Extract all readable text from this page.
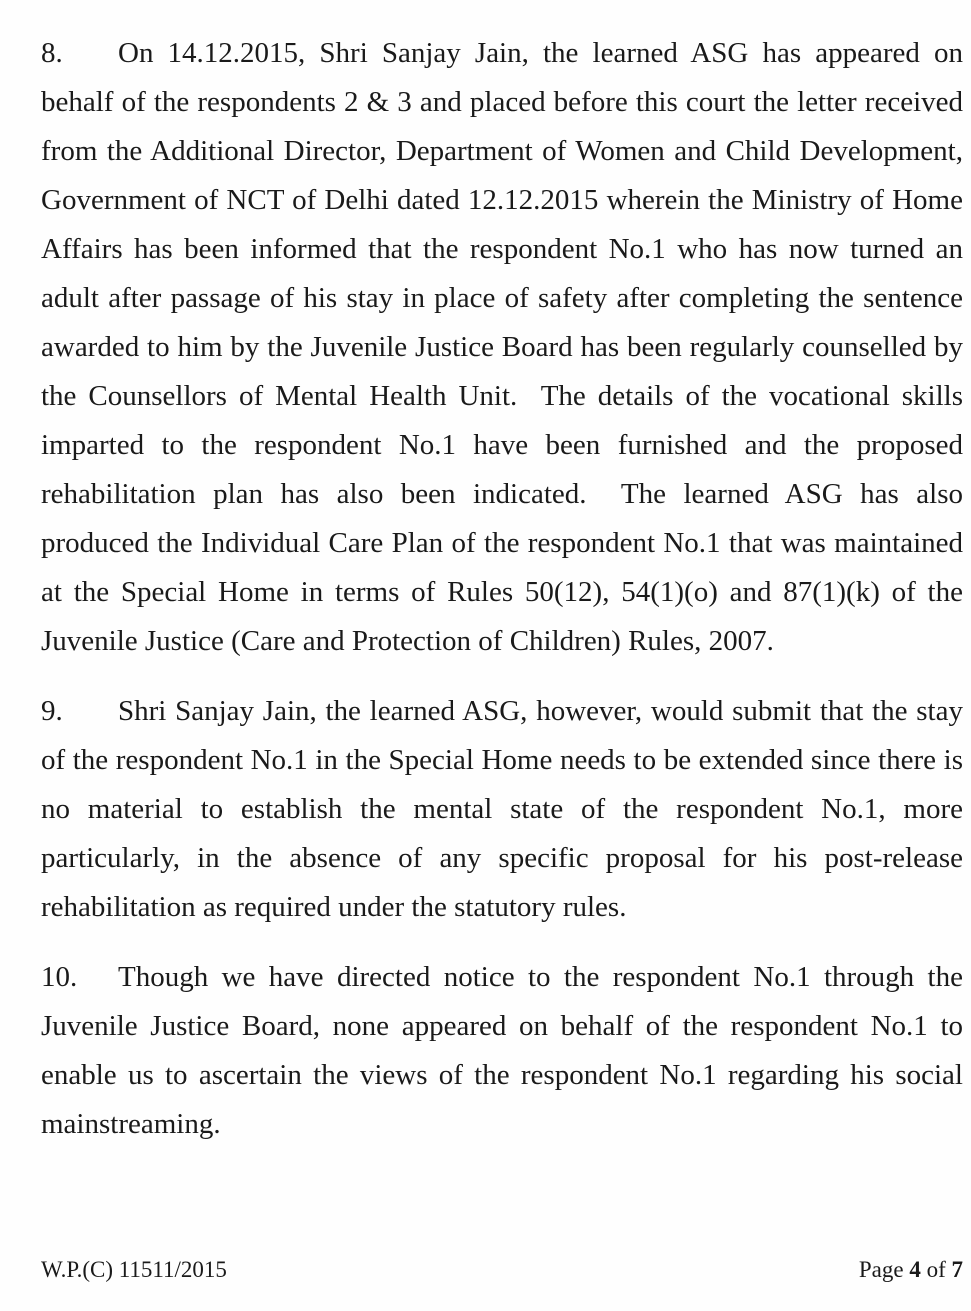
8. On 14.12.2015, Shri Sanjay Jain, the learned ASG has appeared on behalf of the respondents 2 & 3 and placed before this court the letter received from the Additional Director, Department of Women and Child Development, Government of NCT of Delhi dated 12.12.2015 wherein the Ministry of Home Affairs has been informed that the respondent No.1 who has now turned an adult after passage of his stay in place of safety after completing the sentence awarded to him by the Juvenile Justice Board has been regularly counselled by the Counsellors of Mental Health Unit.  The details of the vocational skills imparted to the respondent No.1 have been furnished and the proposed rehabilitation plan has also been indicated.  The learned ASG has also produced the Individual Care Plan of the respondent No.1 that was maintained at the Special Home in terms of Rules 50(12), 54(1)(o) and 87(1)(k) of the Juvenile Justice (Care and Protection of Children) Rules, 2007.

9. Shri Sanjay Jain, the learned ASG, however, would submit that the stay of the respondent No.1 in the Special Home needs to be extended since there is no material to establish the mental state of the respondent No.1, more particularly, in the absence of any specific proposal for his post-release rehabilitation as required under the statutory rules.

10. Though we have directed notice to the respondent No.1 through the Juvenile Justice Board, none appeared on behalf of the respondent No.1 to enable us to ascertain the views of the respondent No.1 regarding his social mainstreaming.

W.P.(C) 11511/2015	Page 4 of 7
